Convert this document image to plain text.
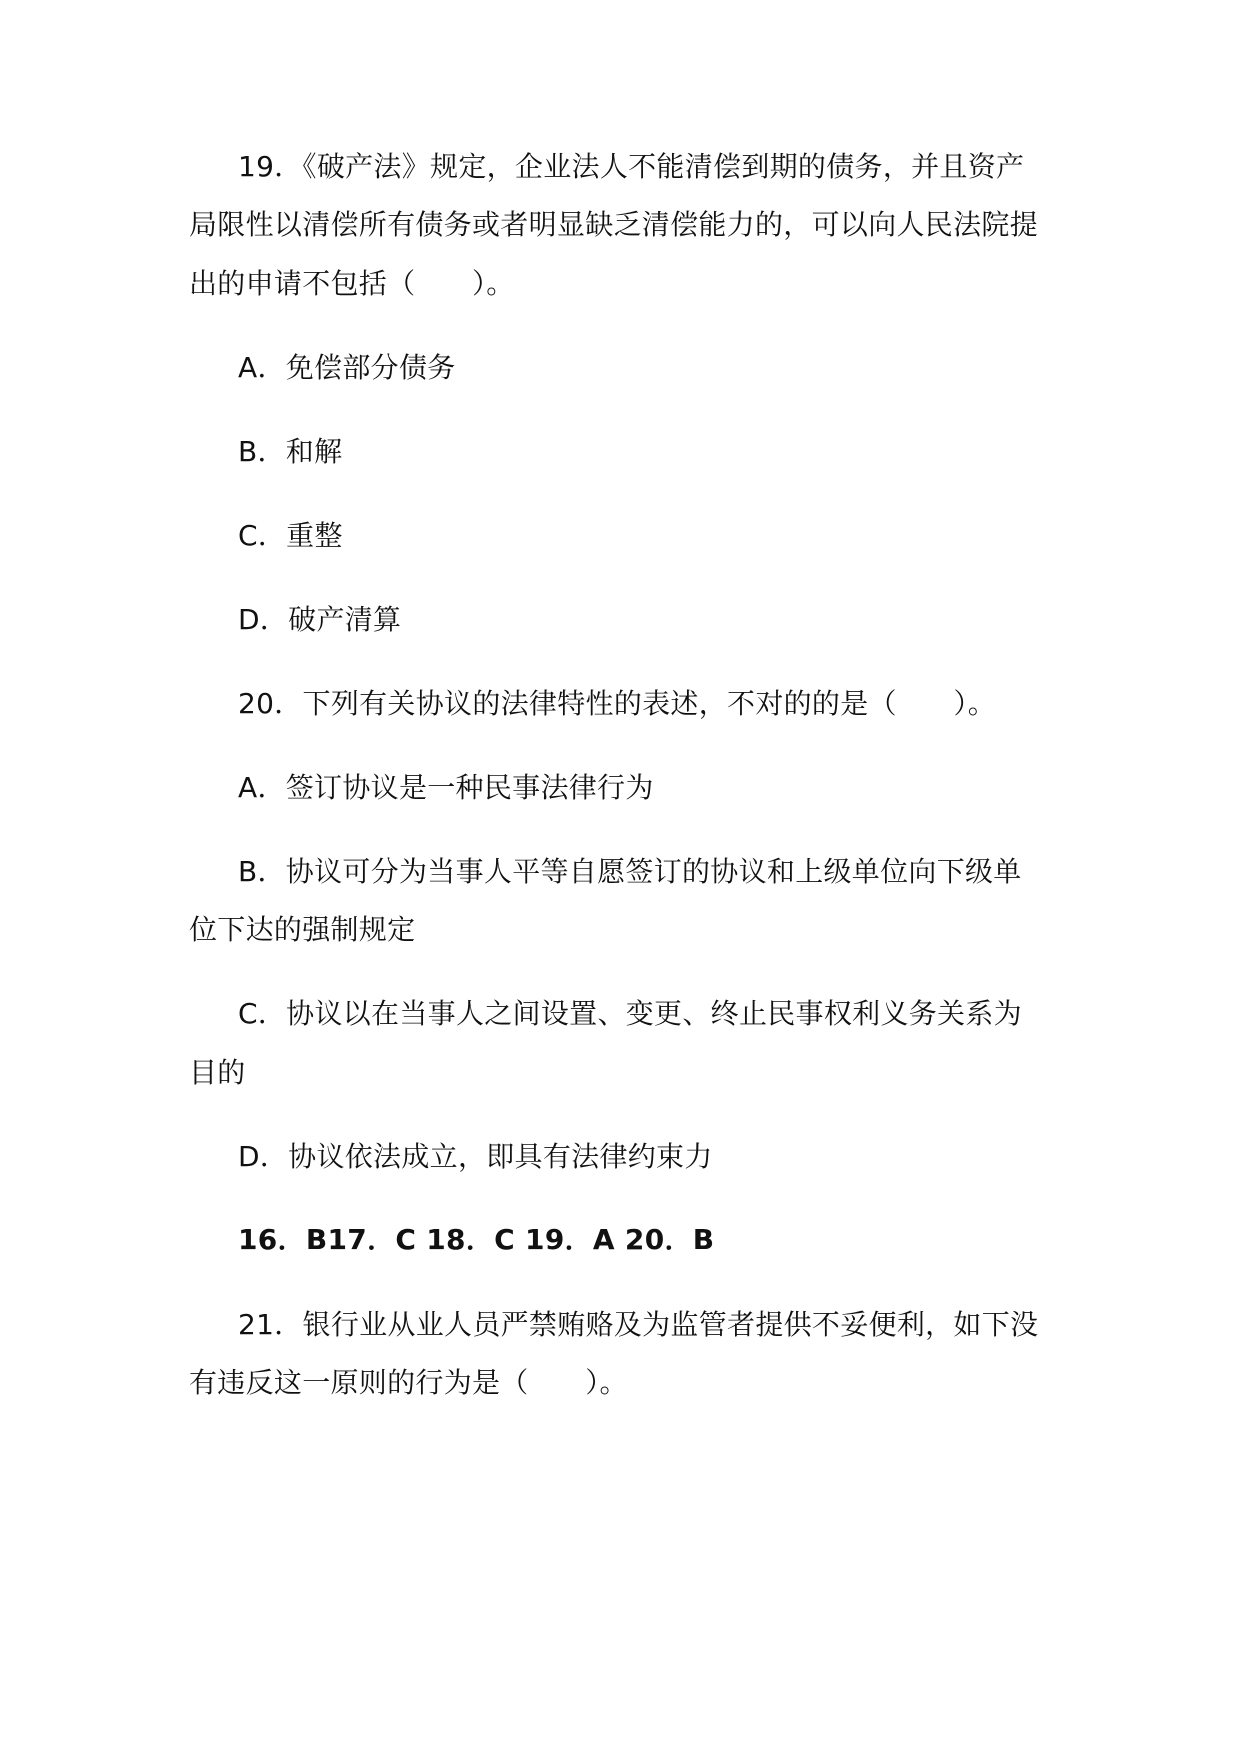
19．《破产法》规定，企业法人不能清偿到期的债务，并且资产
局限性以清偿所有债务或者明显缺乏清偿能力的，可以向人民法院提
出的申请不包括（　　）。
A．免偿部分债务
B．和解
C．重整
D．破产清算
20．下列有关协议的法律特性的表述，不对的的是（　　）。
A．签订协议是一种民事法律行为
B．协议可分为当事人平等自愿签订的协议和上级单位向下级单
位下达的强制规定
C．协议以在当事人之间设置、变更、终止民事权利义务关系为
目的
D．协议依法成立，即具有法律约束力
16．B17．C 18．C 19．A 20．B
21．银行业从业人员严禁贿赂及为监管者提供不妥便利，如下没
有违反这一原则的行为是（　　）。
